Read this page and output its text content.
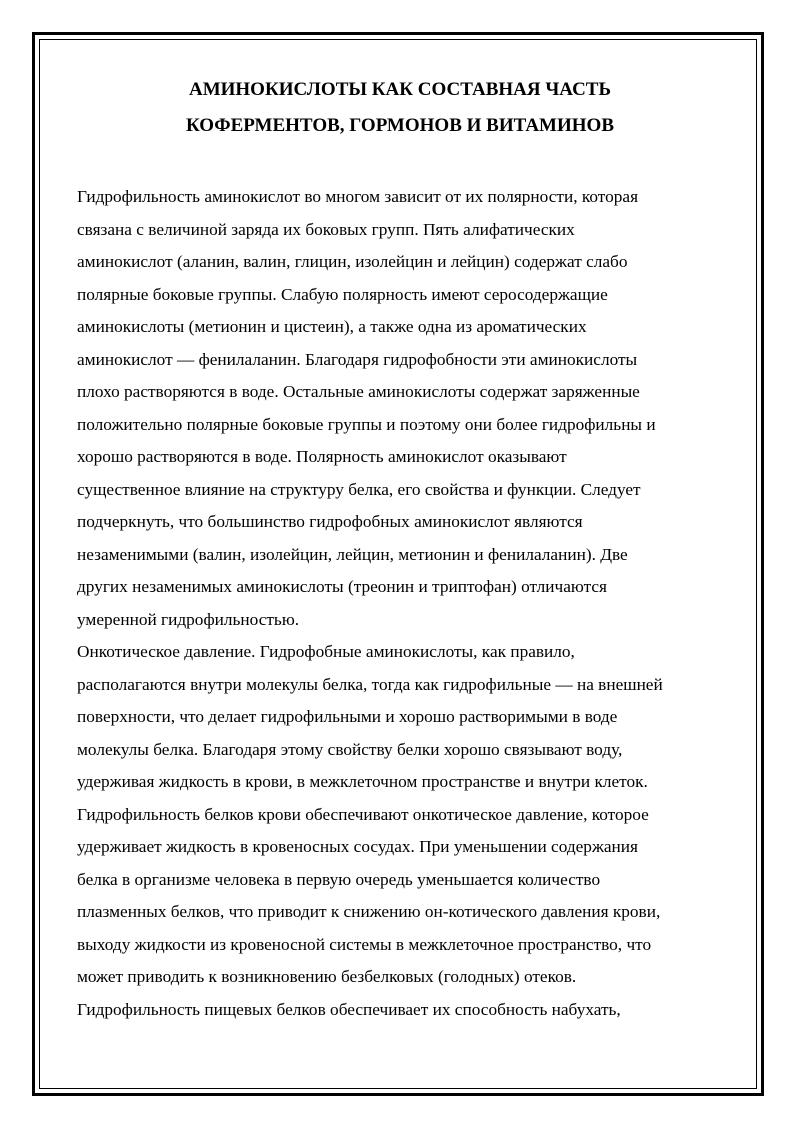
АМИНОКИСЛОТЫ КАК СОСТАВНАЯ ЧАСТЬ
КОФЕРМЕНТОВ, ГОРМОНОВ И ВИТАМИНОВ
Гидрофильность аминокислот во многом зависит от их полярности, которая
связана с величиной заряда их боковых групп. Пять алифатических
аминокислот (аланин, валин, глицин, изолейцин и лейцин) содержат слабо
полярные боковые группы. Слабую полярность имеют серосодержащие
аминокислоты (метионин и цистеин), а также одна из ароматических
аминокислот — фенилаланин. Благодаря гидрофобности эти аминокислоты
плохо растворяются в воде. Остальные аминокислоты содержат заряженные
положительно полярные боковые группы и поэтому они более гидрофильны и
хорошо растворяются в воде. Полярность аминокислот оказывают
существенное влияние на структуру белка, его свойства и функции. Следует
подчеркнуть, что большинство гидрофобных аминокислот являются
незаменимыми (валин, изолейцин, лейцин, метионин и фенилаланин). Две
других незаменимых аминокислоты (треонин и триптофан) отличаются
умеренной гидрофильностью.
Онкотическое давление. Гидрофобные аминокислоты, как правило,
располагаются внутри молекулы белка, тогда как гидрофильные — на внешней
поверхности, что делает гидрофильными и хорошо растворимыми в воде
молекулы белка. Благодаря этому свойству белки хорошо связывают воду,
удерживая жидкость в крови, в межклеточном пространстве и внутри клеток.
Гидрофильность белков крови обеспечивают онкотическое давление, которое
удерживает жидкость в кровеносных сосудах. При уменьшении содержания
белка в организме человека в первую очередь уменьшается количество
плазменных белков, что приводит к снижению он-котического давления крови,
выходу жидкости из кровеносной системы в межклеточное пространство, что
может приводить к возникновению безбелковых (голодных) отеков.
Гидрофильность пищевых белков обеспечивает их способность набухать,
